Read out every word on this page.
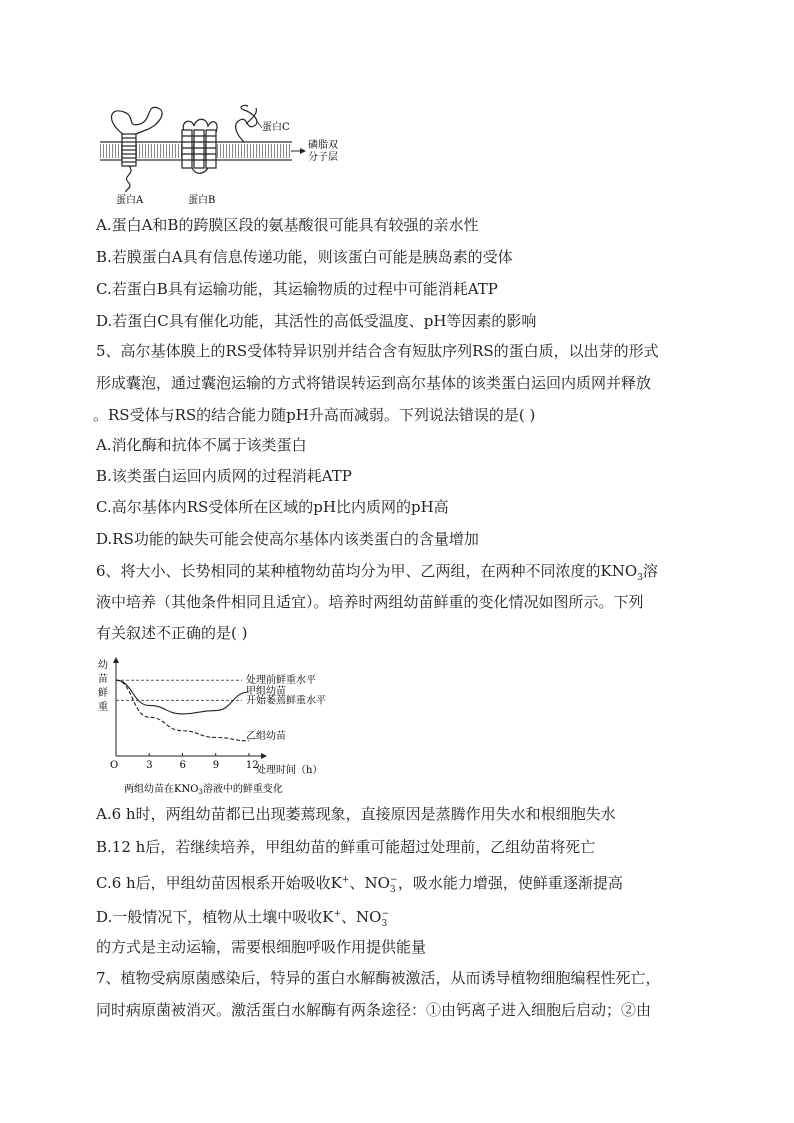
蛋白C
磷脂双
分子层
蛋白A	蛋白B
A.蛋白A和B的跨膜区段的氨基酸很可能具有较强的亲水性
B.若膜蛋白A具有信息传递功能，则该蛋白可能是胰岛素的受体
C.若蛋白B具有运输功能，其运输物质的过程中可能消耗ATP
D.若蛋白C具有催化功能，其活性的高低受温度、pH等因素的影响
5、高尔基体膜上的RS受体特异识别并结合含有短肽序列RS的蛋白质，以出芽的形式
形成囊泡，通过囊泡运输的方式将错误转运到高尔基体的该类蛋白运回内质网并释放
。RS受体与RS的结合能力随pH升高而减弱。下列说法错误的是( )
A.消化酶和抗体不属于该类蛋白
B.该类蛋白运回内质网的过程消耗ATP
C.高尔基体内RS受体所在区域的pH比内质网的pH高
D.RS功能的缺失可能会使高尔基体内该类蛋白的含量增加
6、将大小、长势相同的某种植物幼苗均分为甲、乙两组，在两种不同浓度的$KNO_3$溶
液中培养（其他条件相同且适宜）。培养时两组幼苗鲜重的变化情况如图所示。下列
有关叙述不正确的是( )
幼
苗
鲜
重
O	3	6	9	12
处理前鲜重水平
开始萎蔫鲜重水平
甲组幼苗
乙组幼苗
处理时间（h）
两组幼苗在$KNO_3$溶液中的鲜重变化
A.6 h时，两组幼苗都已出现萎蔫现象，直接原因是蒸腾作用失水和根细胞失水
B.12 h后，若继续培养，甲组幼苗的鲜重可能超过处理前，乙组幼苗将死亡
C.6 h后，甲组幼苗因根系开始吸收K+、NO −
3 ，吸水能力增强，使鲜重逐渐提高
D.一般情况下，植物从土壤中吸收K+、NO −
3
的方式是主动运输，需要根细胞呼吸作用提供能量
7、植物受病原菌感染后，特异的蛋白水解酶被激活，从而诱导植物细胞编程性死亡，
同时病原菌被消灭。激活蛋白水解酶有两条途径：①由钙离子进入细胞后启动；②由
